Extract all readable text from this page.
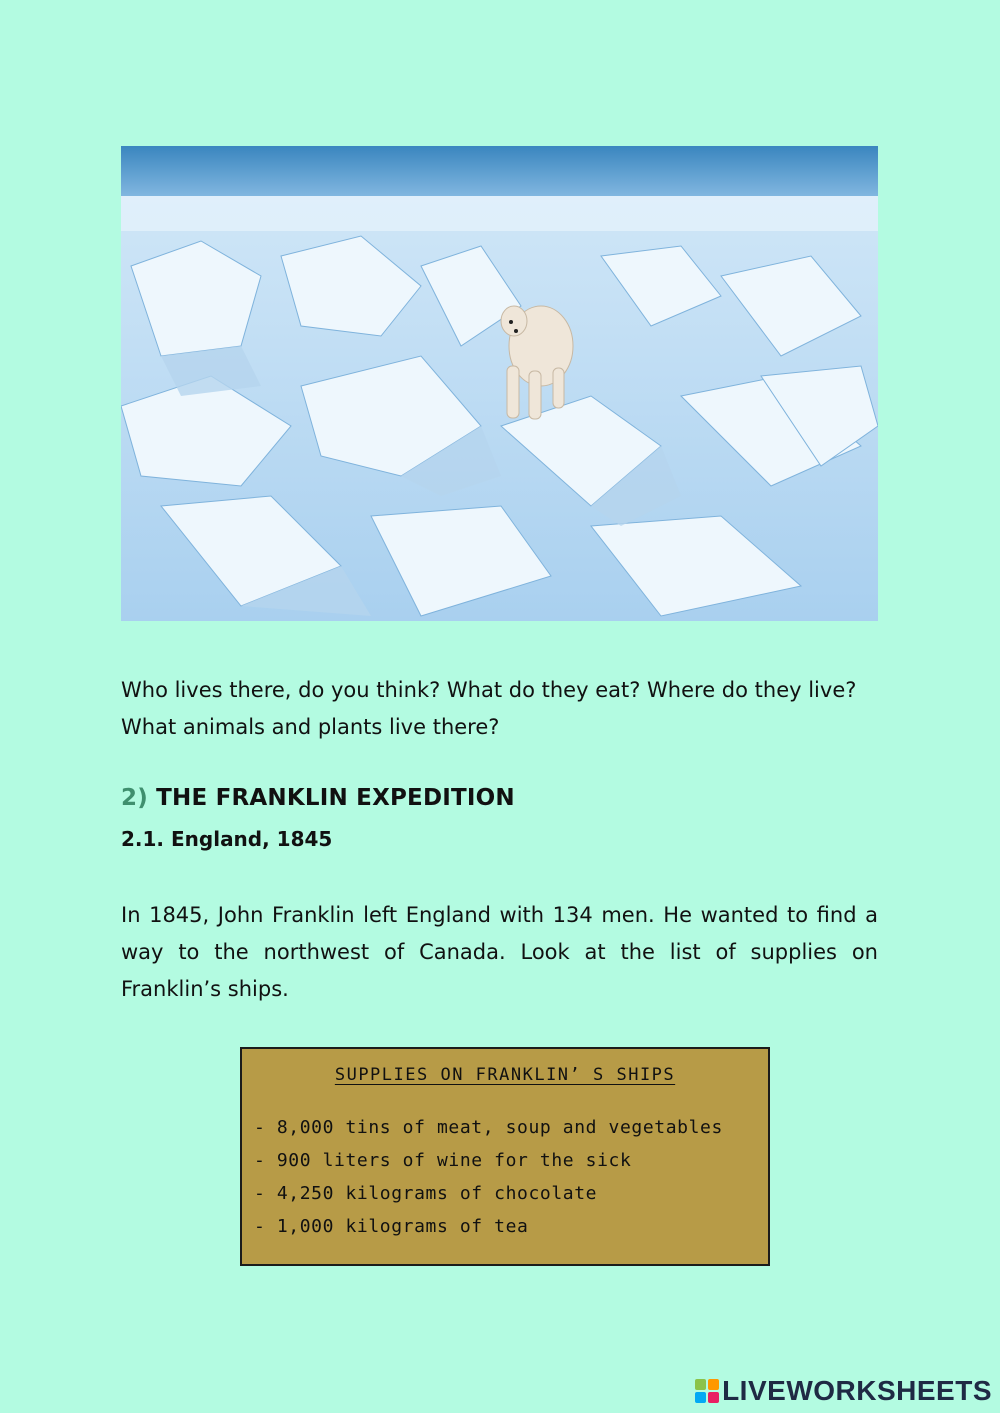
Who lives there, do you think? What do they eat? Where do they live? What animals and plants live there?

2) THE FRANKLIN EXPEDITION
2.1. England, 1845

In 1845, John Franklin left England with 134 men. He wanted to find a way to the northwest of Canada. Look at the list of supplies on Franklin’s ships.

SUPPLIES ON FRANKLIN’ S SHIPS
- 8,000 tins of meat, soup and vegetables
- 900 liters of wine for the sick
- 4,250 kilograms of chocolate
- 1,000 kilograms of tea
LIVEWORKSHEETS
